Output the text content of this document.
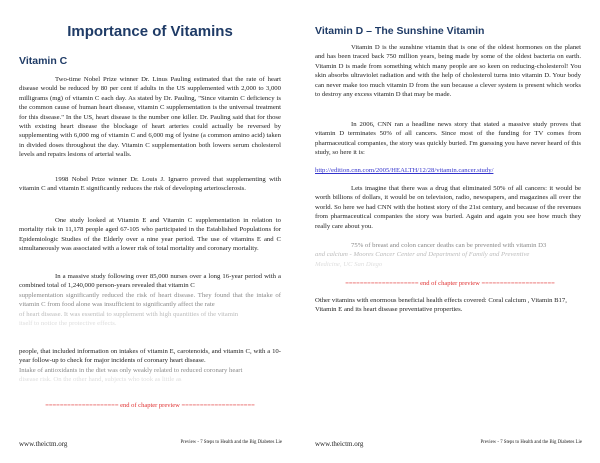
Importance of Vitamins
Vitamin C
Two-time Nobel Prize winner Dr. Linus Pauling estimated that the rate of heart disease would be reduced by 80 per cent if adults in the US supplemented with 2,000 to 3,000 milligrams (mg) of vitamin C each day. As stated by Dr. Pauling, "Since vitamin C deficiency is the common cause of human heart disease, vitamin C supplementation is the universal treatment for this disease." In the US, heart disease is the number one killer. Dr. Pauling said that for those with existing heart disease the blockage of heart arteries could actually be reversed by supplementing with 6,000 mg of vitamin C and 6,000 mg of lysine (a common amino acid) taken in divided doses throughout the day. Vitamin C supplementation both lowers serum cholesterol levels and repairs lesions of arterial walls.
1998 Nobel Prize winner Dr. Louis J. Ignarro proved that supplementing with vitamin C and vitamin E significantly reduces the risk of developing arteriosclerosis.
One study looked at Vitamin E and Vitamin C supplementation in relation to mortality risk in 11,178 people aged 67-105 who participated in the Established Populations for Epidemiologic Studies of the Elderly over a nine year period. The use of vitamins E and C simultaneously was associated with a lower risk of total mortality and coronary mortality.
In a massive study following over 85,000 nurses over a long 16-year period with a combined total of 1,240,000 person-years revealed that vitamin C
supplementation significantly reduced the risk of heart disease. They found that the intake of vitamin C from food alone was insufficient to significantly affect the rate
of heart disease. It was essential to supplement with high quantities of the vitamin
itself to notice the protective effects.
people, that included information on intakes of vitamin E, carotenoids, and vitamin C, with a 10-year follow-up to check for major incidents of coronary heart disease.
Intake of antioxidants in the diet was only weakly related to reduced coronary heart
disease risk. On the other hand, subjects who took as little as
==================== end of chapter preview ====================
www.theictm.org	Preview - 7 Steps to Health and the Big Diabetes Lie
Vitamin D – The Sunshine Vitamin
Vitamin D is the sunshine vitamin that is one of the oldest hormones on the planet and has been traced back 750 million years, being made by some of the oldest bacteria on earth. Vitamin D is made from something which many people are so keen on reducing-cholesterol! You skin absorbs ultraviolet radiation and with the help of cholesterol turns into vitamin D. Your body can never make too much vitamin D from the sun because a clever system is present which works to destroy any excess vitamin D that may be made.
In 2006, CNN ran a headline news story that stated a massive study proves that vitamin D terminates 50% of all cancers. Since most of the funding for TV comes from pharmaceutical companies, the story was quickly buried. I'm guessing you have never heard of this study, so here it is:
http://edition.cnn.com/2005/HEALTH/12/28/vitamin.cancer.study/
Lets imagine that there was a drug that eliminated 50% of all cancers: it would be worth billions of dollars, it would be on television, radio, newspapers, and magazines all over the world. So here we had CNN with the hottest story of the 21st century, and because of the revenues from pharmaceutical companies the story was buried. Again and again you see how much they really care about you.
75% of breast and colon cancer deaths can be prevented with vitamin D3
and calcium - Moores Cancer Center and Department of Family and Preventive
Medicine, UC San Diego
==================== end of chapter preview ====================
Other vitamins with enormous beneficial health effects covered: Coral calcium , Vitamin B17, Vitamin E and its heart disease preventative properties.
www.theictm.org	Preview - 7 Steps to Health and the Big Diabetes Lie
